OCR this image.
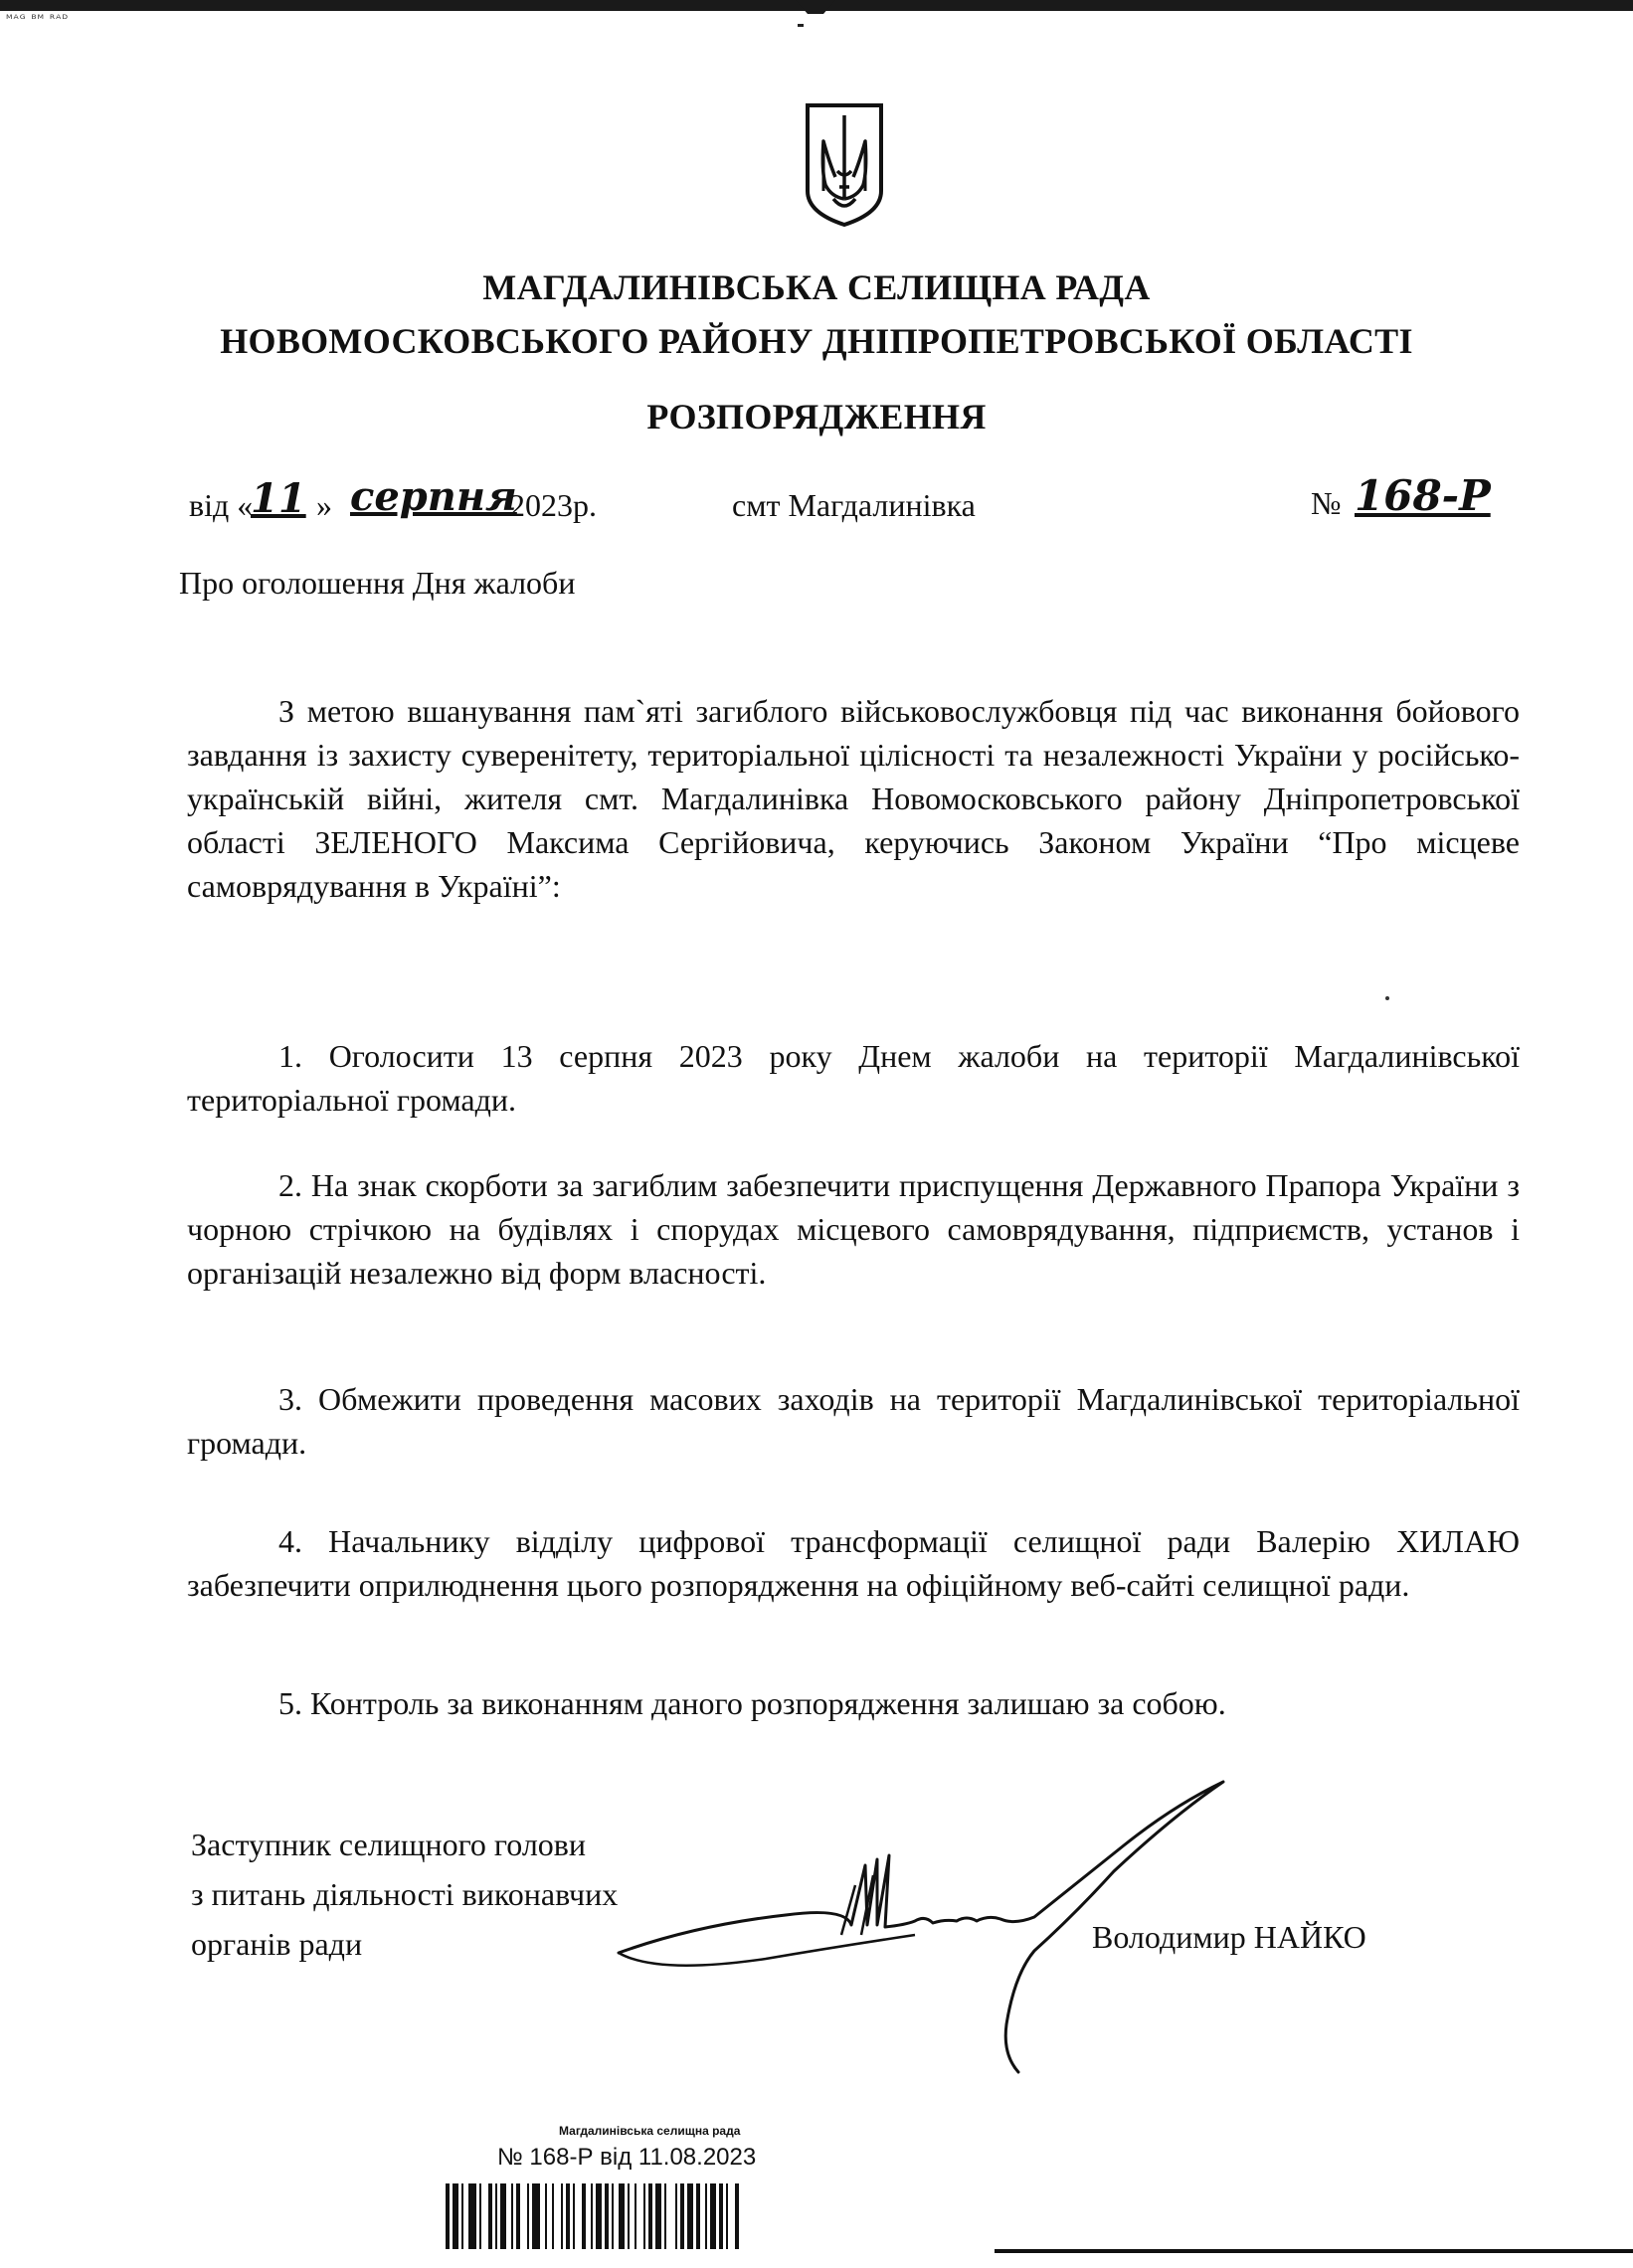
ᴹᴬᴳ ᴮᴹ ᴿᴬᴰ
МАГДАЛИНІВСЬКА СЕЛИЩНА РАДА
НОВОМОСКОВСЬКОГО РАЙОНУ ДНІПРОПЕТРОВСЬКОЇ ОБЛАСТІ
РОЗПОРЯДЖЕННЯ
від «
11 » серпня
2023р.	смт Магдалинівка	№ 168-Р
Про оголошення Дня жалоби
З метою вшанування пам`яті загиблого військовослужбовця під час виконання бойового завдання із захисту суверенітету, територіальної цілісності та незалежності України у російсько-українській війні, жителя смт. Магдалинівка Новомосковського району Дніпропетровської області ЗЕЛЕНОГО Максима Сергійовича, керуючись Законом України “Про місцеве самоврядування в Україні”:
1. Оголосити 13 серпня 2023 року Днем жалоби на території Магдалинівської територіальної громади.
2. На знак скорботи за загиблим забезпечити приспущення Державного Прапора України з чорною стрічкою на будівлях і спорудах місцевого самоврядування, підприємств, установ і організацій незалежно від форм власності.
3. Обмежити проведення масових заходів на території Магдалинівської територіальної громади.
4. Начальнику відділу цифрової трансформації селищної ради Валерію ХИЛАЮ забезпечити оприлюднення цього розпорядження на офіційному веб-сайті селищної ради.
5. Контроль за виконанням даного розпорядження залишаю за собою.
Заступник селищного голови
з питань діяльності виконавчих
органів ради	Володимир НАЙКО
Магдалинівська селищна рада
№ 168-Р від 11.08.2023
